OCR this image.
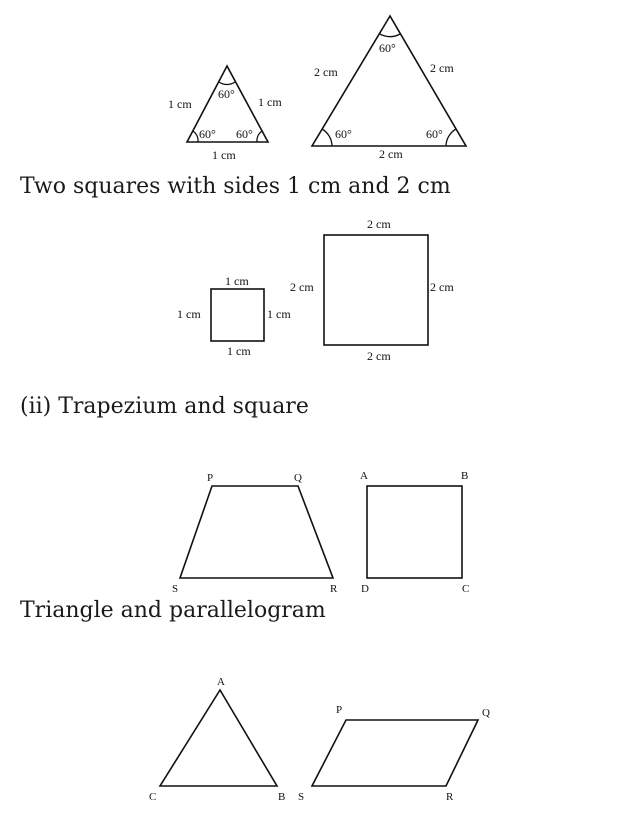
1 cm	1 cm
1 cm
60°
60° 60°
2 cm	2 cm
2 cm
60°
60°	60°
1 cm
1 cm	1 cm
1 cm
2 cm
2 cm	2 cm
2 cm
P	Q
S	R
A	B
D	C
A
C	B
P	Q
S	R
Two squares with sides 1 cm and 2 cm
(ii) Trapezium and square
Triangle and parallelogram
